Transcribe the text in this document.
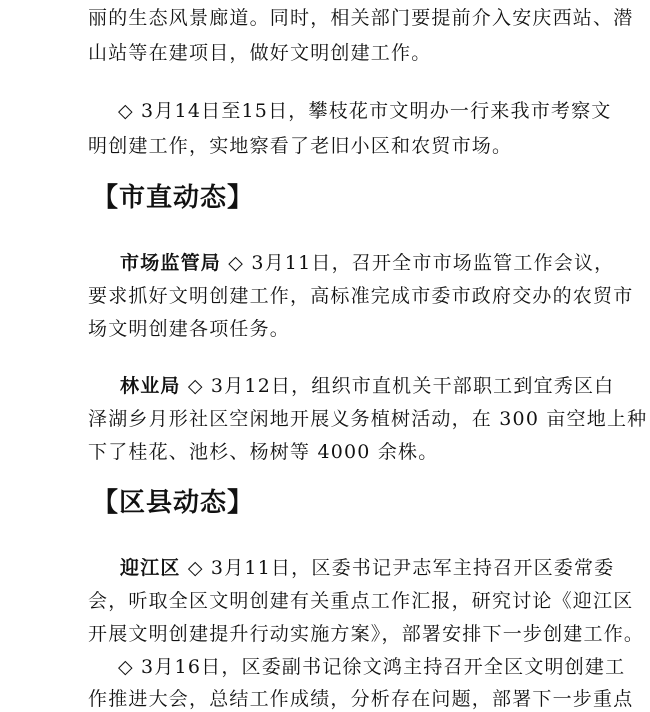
丽的生态风景廊道。同时，相关部门要提前介入安庆西站、潜
山站等在建项目，做好文明创建工作。
◇ 3月14日至15日，攀枝花市文明办一行来我市考察文
明创建工作，实地察看了老旧小区和农贸市场。
【市直动态】
市场监管局 ◇ 3月11日，召开全市市场监管工作会议，
要求抓好文明创建工作，高标准完成市委市政府交办的农贸市
场文明创建各项任务。
林业局 ◇ 3月12日，组织市直机关干部职工到宜秀区白
泽湖乡月形社区空闲地开展义务植树活动，在 300 亩空地上种
下了桂花、池杉、杨树等 4000 余株。
【区县动态】
迎江区 ◇ 3月11日，区委书记尹志军主持召开区委常委
会，听取全区文明创建有关重点工作汇报，研究讨论《迎江区
开展文明创建提升行动实施方案》，部署安排下一步创建工作。
◇ 3月16日，区委副书记徐文鸿主持召开全区文明创建工
作推进大会，总结工作成绩，分析存在问题，部署下一步重点
